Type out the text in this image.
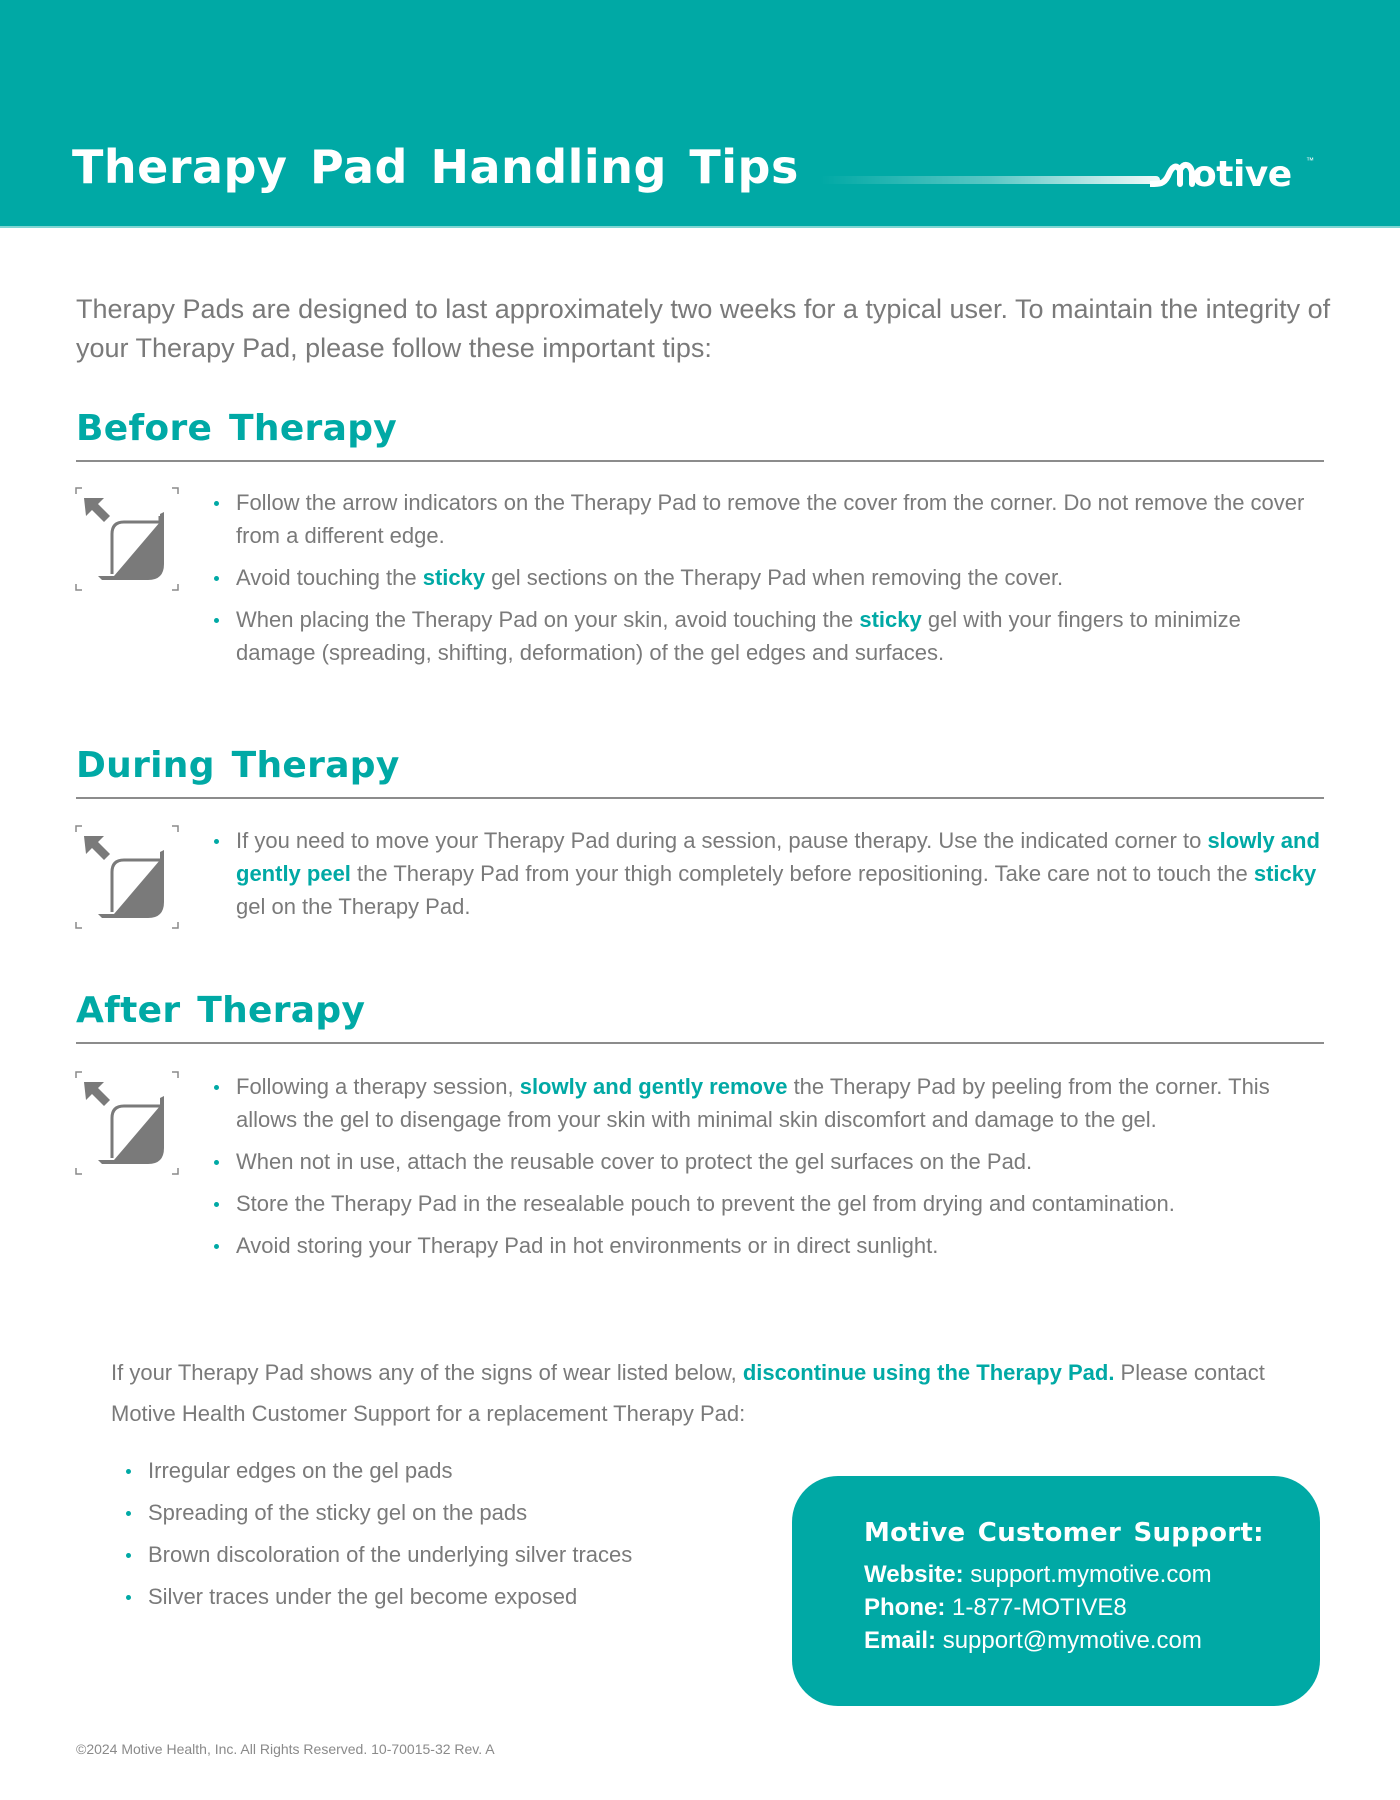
Therapy Pad Handling Tips	otive ™

Therapy Pads are designed to last approximately two weeks for a typical user. To maintain the integrity of your Therapy Pad, please follow these important tips:

Before Therapy
Follow the arrow indicators on the Therapy Pad to remove the cover from the corner. Do not remove the cover from a different edge.
Avoid touching the sticky gel sections on the Therapy Pad when removing the cover.
When placing the Therapy Pad on your skin, avoid touching the sticky gel with your fingers to minimize damage (spreading, shifting, deformation) of the gel edges and surfaces.
During Therapy
If you need to move your Therapy Pad during a session, pause therapy. Use the indicated corner to slowly and gently peel the Therapy Pad from your thigh completely before repositioning. Take care not to touch the sticky gel on the Therapy Pad.
After Therapy
Following a therapy session, slowly and gently remove the Therapy Pad by peeling from the corner. This allows the gel to disengage from your skin with minimal skin discomfort and damage to the gel.
When not in use, attach the reusable cover to protect the gel surfaces on the Pad.
Store the Therapy Pad in the resealable pouch to prevent the gel from drying and contamination.
Avoid storing your Therapy Pad in hot environments or in direct sunlight.

If your Therapy Pad shows any of the signs of wear listed below, discontinue using the Therapy Pad. Please contact Motive Health Customer Support for a replacement Therapy Pad:

Irregular edges on the gel pads
Spreading of the sticky gel on the pads
Brown discoloration of the underlying silver traces
Silver traces under the gel become exposed
Motive Customer Support:
Website: support.mymotive.com
Phone: 1-877-MOTIVE8
Email: support@mymotive.com
©2024 Motive Health, Inc. All Rights Reserved. 10-70015-32 Rev. A
